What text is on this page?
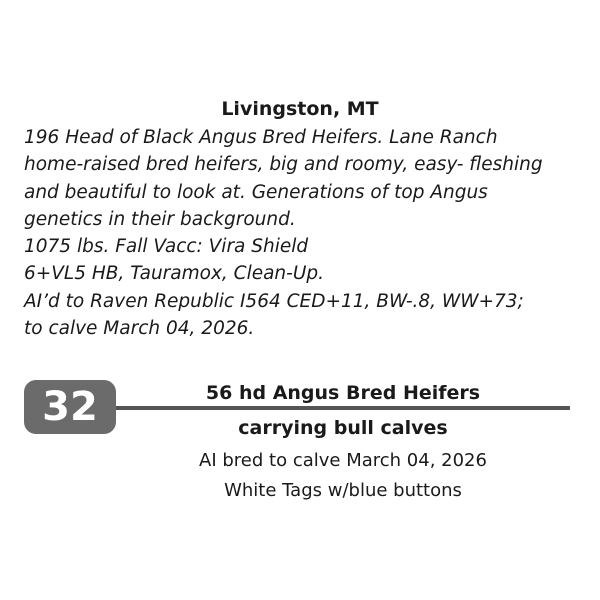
Livingston, MT
196 Head of Black Angus Bred Heifers. Lane Ranch
home-raised bred heifers, big and roomy, easy- fleshing
and beautiful to look at. Generations of top Angus
genetics in their background.
1075 lbs. Fall Vacc: Vira Shield
6+VL5 HB, Tauramox, Clean-Up.
AI’d to Raven Republic I564 CED+11, BW-.8, WW+73;
to calve March 04, 2026.
32	56 hd Angus Bred Heifers
carrying bull calves
AI bred to calve March 04, 2026
White Tags w/blue buttons
